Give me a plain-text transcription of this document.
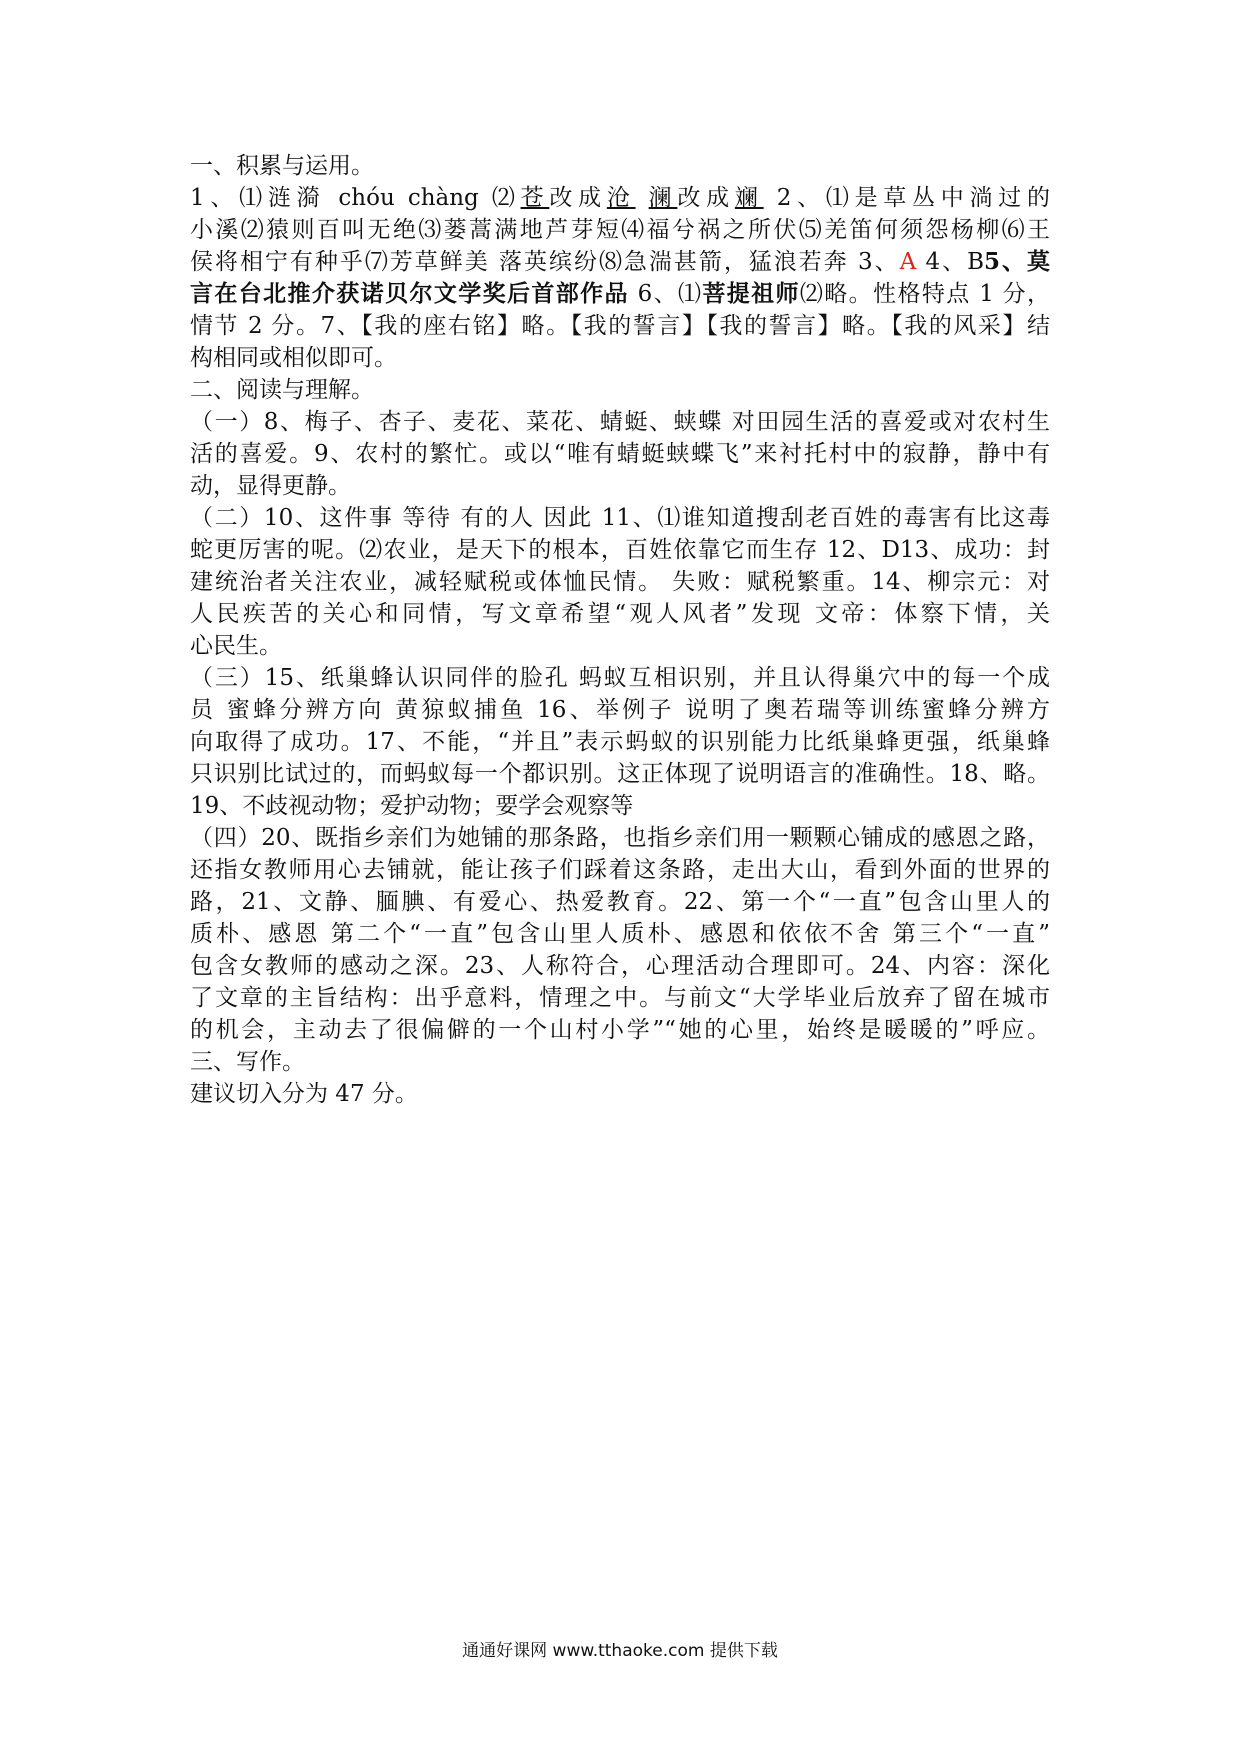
一、积累与运用。
1、⑴涟漪 chóu chàng ⑵苍改成沧 澜改成斓 2、⑴是草丛中淌过的
小溪⑵猿则百叫无绝⑶蒌蒿满地芦芽短⑷福兮祸之所伏⑸羌笛何须怨杨柳⑹王
侯将相宁有种乎⑺芳草鲜美 落英缤纷⑻急湍甚箭，猛浪若奔 3、A 4、B5、莫
言在台北推介获诺贝尔文学奖后首部作品 6、⑴菩提祖师⑵略。性格特点 1 分，
情节 2 分。7、【我的座右铭】略。【我的誓言】【我的誓言】略。【我的风采】结
构相同或相似即可。
二、阅读与理解。
（一）8、梅子、杏子、麦花、菜花、蜻蜓、蛱蝶 对田园生活的喜爱或对农村生
活的喜爱。9、农村的繁忙。或以“唯有蜻蜓蛱蝶飞”来衬托村中的寂静，静中有
动，显得更静。
（二）10、这件事 等待 有的人 因此 11、⑴谁知道搜刮老百姓的毒害有比这毒
蛇更厉害的呢。⑵农业，是天下的根本，百姓依靠它而生存 12、D13、成功：封
建统治者关注农业，减轻赋税或体恤民情。 失败：赋税繁重。14、柳宗元：对
人民疾苦的关心和同情，写文章希望“观人风者”发现 文帝：体察下情，关
心民生。
（三）15、纸巢蜂认识同伴的脸孔 蚂蚁互相识别，并且认得巢穴中的每一个成
员 蜜蜂分辨方向 黄猄蚁捕鱼 16、举例子 说明了奥若瑞等训练蜜蜂分辨方
向取得了成功。17、不能，“并且”表示蚂蚁的识别能力比纸巢蜂更强，纸巢蜂
只识别比试过的，而蚂蚁每一个都识别。这正体现了说明语言的准确性。18、略。
19、不歧视动物；爱护动物；要学会观察等
（四）20、既指乡亲们为她铺的那条路，也指乡亲们用一颗颗心铺成的感恩之路，
还指女教师用心去铺就，能让孩子们踩着这条路，走出大山，看到外面的世界的
路，21、文静、腼腆、有爱心、热爱教育。22、第一个“一直”包含山里人的
质朴、感恩 第二个“一直”包含山里人质朴、感恩和依依不舍 第三个“一直”
包含女教师的感动之深。23、人称符合，心理活动合理即可。24、内容：深化
了文章的主旨结构：出乎意料，情理之中。与前文“大学毕业后放弃了留在城市
的机会，主动去了很偏僻的一个山村小学”“她的心里，始终是暖暖的”呼应。
三、写作。
建议切入分为 47 分。
通通好课网 www.tthaoke.com 提供下载
